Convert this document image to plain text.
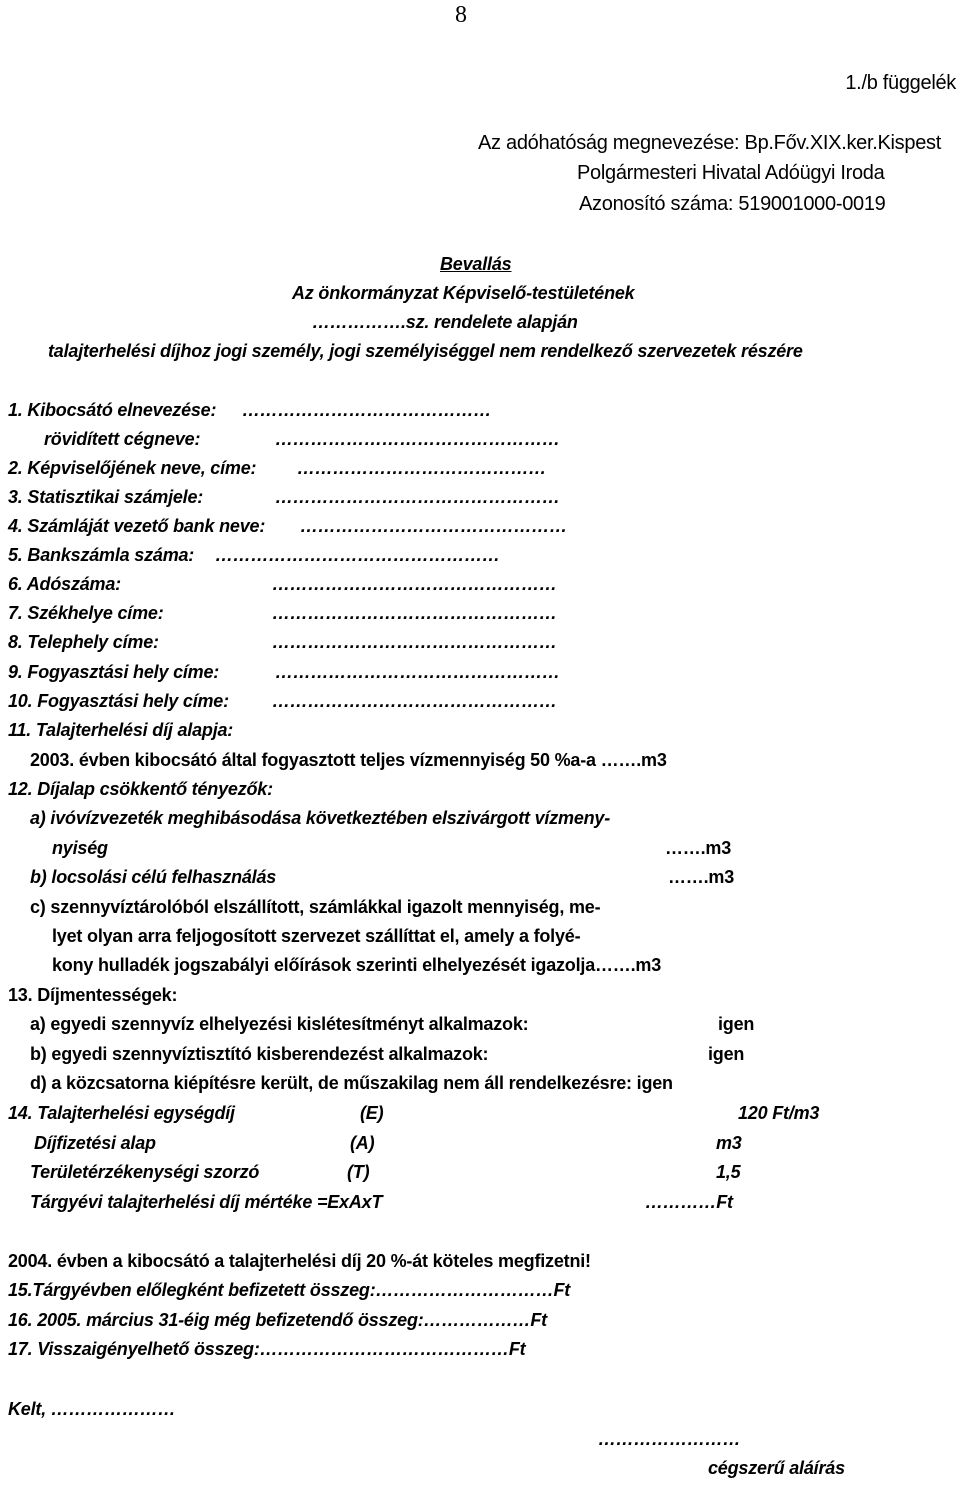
8
1./b függelék
Az adóhatóság megnevezése: Bp.Főv.XIX.ker.Kispest
Polgármesteri Hivatal Adóügyi Iroda
Azonosító száma: 519001000-0019
Bevallás
Az önkormányzat Képviselő-testületének
…………….sz. rendelete alapján
talajterhelési díjhoz jogi személy, jogi személyiséggel nem rendelkező szervezetek részére
1. Kibocsátó elnevezése: ……………………………………
rövidített cégneve:	…………………………………………
2. Képviselőjének neve, címe: ……………………………………
3. Statisztikai számjele:	…………………………………………
4. Számláját vezető bank neve: ………………………………………
5. Bankszámla száma: …………………………………………
6. Adószáma:	…………………………………………
7. Székhelye címe:	…………………………………………
8. Telephely címe:	…………………………………………
9. Fogyasztási hely címe:	…………………………………………
10. Fogyasztási hely címe: …………………………………………
11. Talajterhelési díj alapja:
2003. évben kibocsátó által fogyasztott teljes vízmennyiség 50 %a-a …….m3
12. Díjalap csökkentő tényezők:
a) ivóvízvezeték meghibásodása következtében elszivárgott vízmeny-
nyiség	…….m3
b) locsolási célú felhasználás	…….m3
c) szennyvíztárolóból elszállított, számlákkal igazolt mennyiség, me-
lyet olyan arra feljogosított szervezet szállíttat el, amely a folyé-
kony hulladék jogszabályi előírások szerinti elhelyezését igazolja…….m3
13. Díjmentességek:
a) egyedi szennyvíz elhelyezési kislétesítményt alkalmazok:	igen
b) egyedi szennyvíztisztító kisberendezést alkalmazok:	igen
d) a közcsatorna kiépítésre került, de műszakilag nem áll rendelkezésre: igen
14. Talajterhelési egységdíj	(E)	120 Ft/m3
Díjfizetési alap	(A)	m3
Területérzékenységi szorzó	(T)	1,5
Tárgyévi talajterhelési díj mértéke =ExAxT	…………Ft
2004. évben a kibocsátó a talajterhelési díj 20 %-át köteles megfizetni!
15.Tárgyévben előlegként befizetett összeg:…………………………Ft
16. 2005. március 31-éig még befizetendő összeg:………………Ft
17. Visszaigényelhető összeg:……………………………………Ft
Kelt, …………………
……………………
cégszerű aláírás
